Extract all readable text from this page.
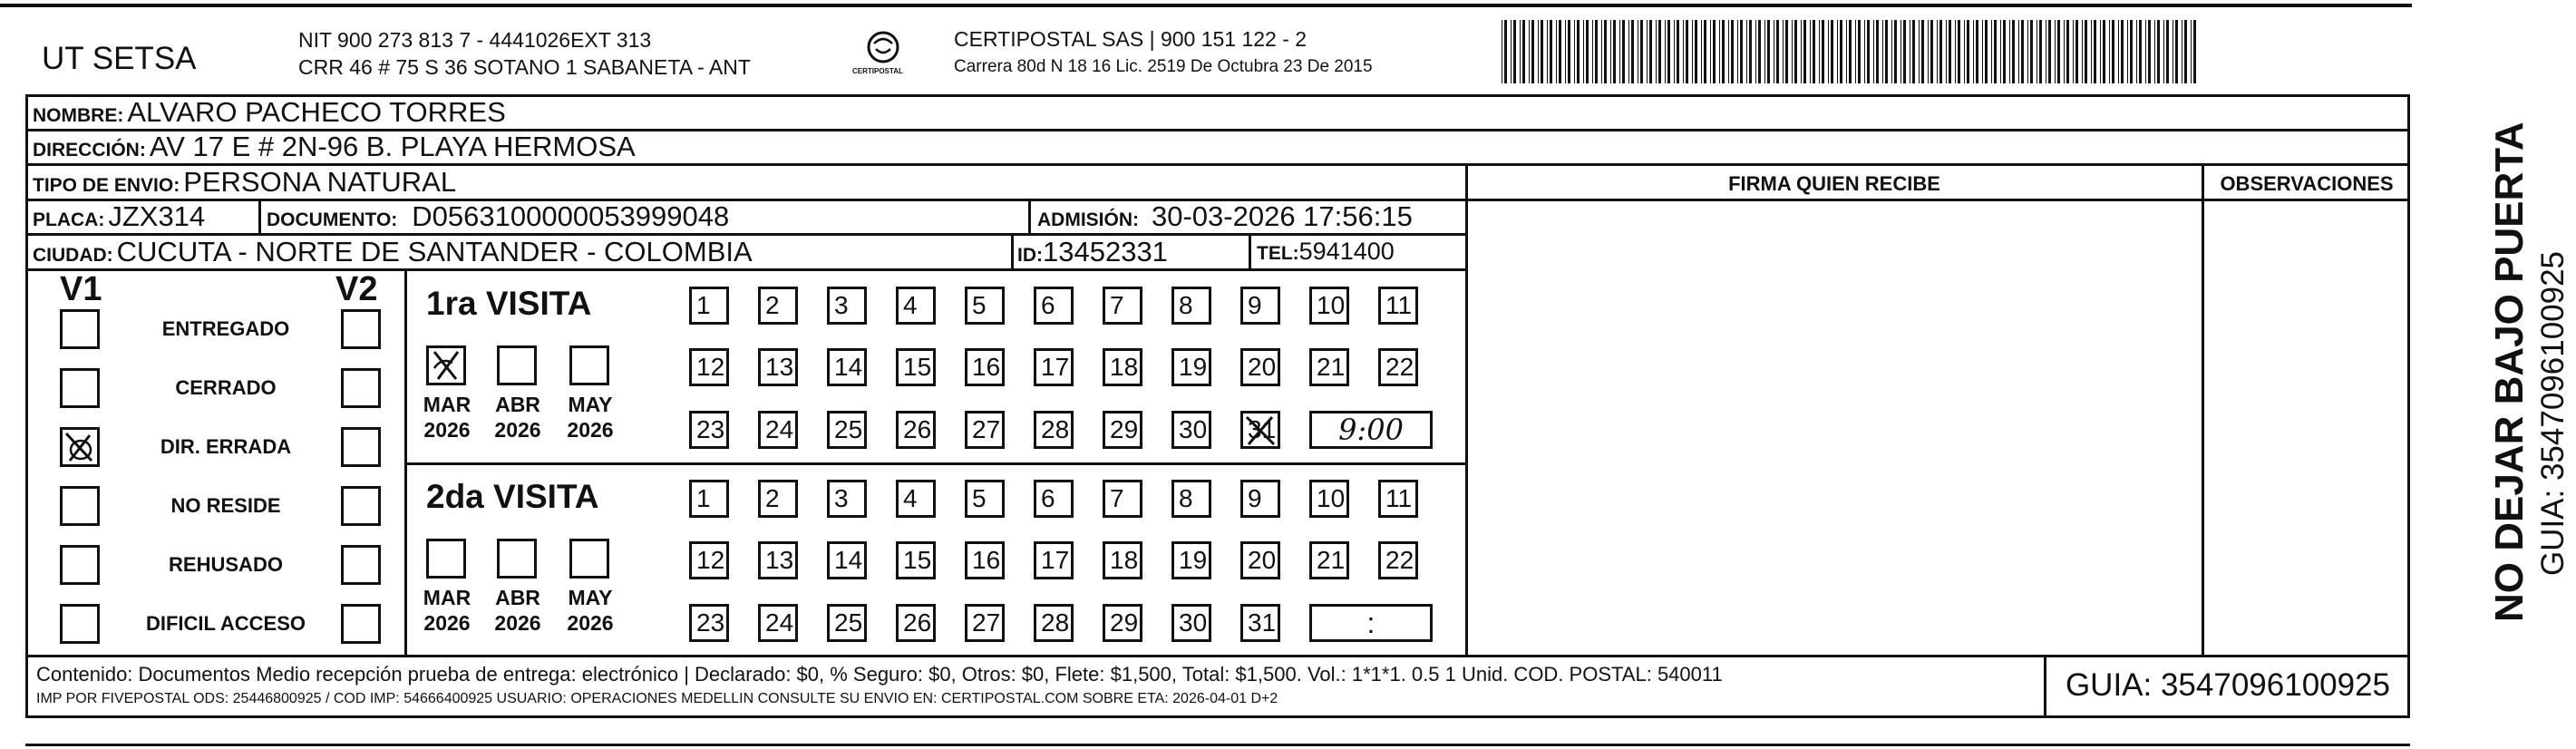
UT SETSA
NIT 900 273 813 7 - 4441026EXT 313
CRR 46 # 75 S 36 SOTANO 1 SABANETA - ANT	CERTIPOSTAL
CERTIPOSTAL SAS | 900 151 122 - 2
Carrera 80d N 18 16 Lic. 2519 De Octubra 23 De 2015
NOMBRE: ALVARO PACHECO TORRES
DIRECCIÓN: AV 17 E # 2N-96 B. PLAYA HERMOSA
TIPO DE ENVIO: PERSONA NATURAL
PLACA: JZX314	DOCUMENTO: D0563100000053999048	ADMISIÓN: 30-03-2026 17:56:15
CIUDAD: CUCUTA - NORTE DE SANTANDER - COLOMBIA	ID: 13452331	TEL: 5941400
FIRMA QUIEN RECIBE	OBSERVACIONES
V1	V2
ENTREGADO
CERRADO
DIR. ERRADA
NO RESIDE
REHUSADO
DIFICIL ACCESO
1ra VISITA
MAR
2026
ABR
2026
MAY
2026
1	2	3	4	5	6	7	8	9	10 11
12 13 14 15 16 17 18 19 20 21 22
23 24 25 26 27 28 29 30 31	9:00
2da VISITA
MAR
2026
ABR
2026
MAY
2026
1	2	3	4	5	6	7	8	9	10 11
12 13 14 15 16 17 18 19 20 21 22
23 24 25 26 27 28 29 30 31	:
Contenido: Documentos Medio recepción prueba de entrega: electrónico | Declarado: $0, % Seguro: $0, Otros: $0, Flete: $1,500, Total: $1,500. Vol.: 1*1*1. 0.5 1 Unid. COD. POSTAL: 540011
IMP POR FIVEPOSTAL ODS: 25446800925 / COD IMP: 54666400925 USUARIO: OPERACIONES MEDELLIN CONSULTE SU ENVIO EN: CERTIPOSTAL.COM SOBRE ETA: 2026-04-01 D+2	GUIA: 3547096100925
NO DEJAR BAJO PUERTA GUIA: 3547096100925
